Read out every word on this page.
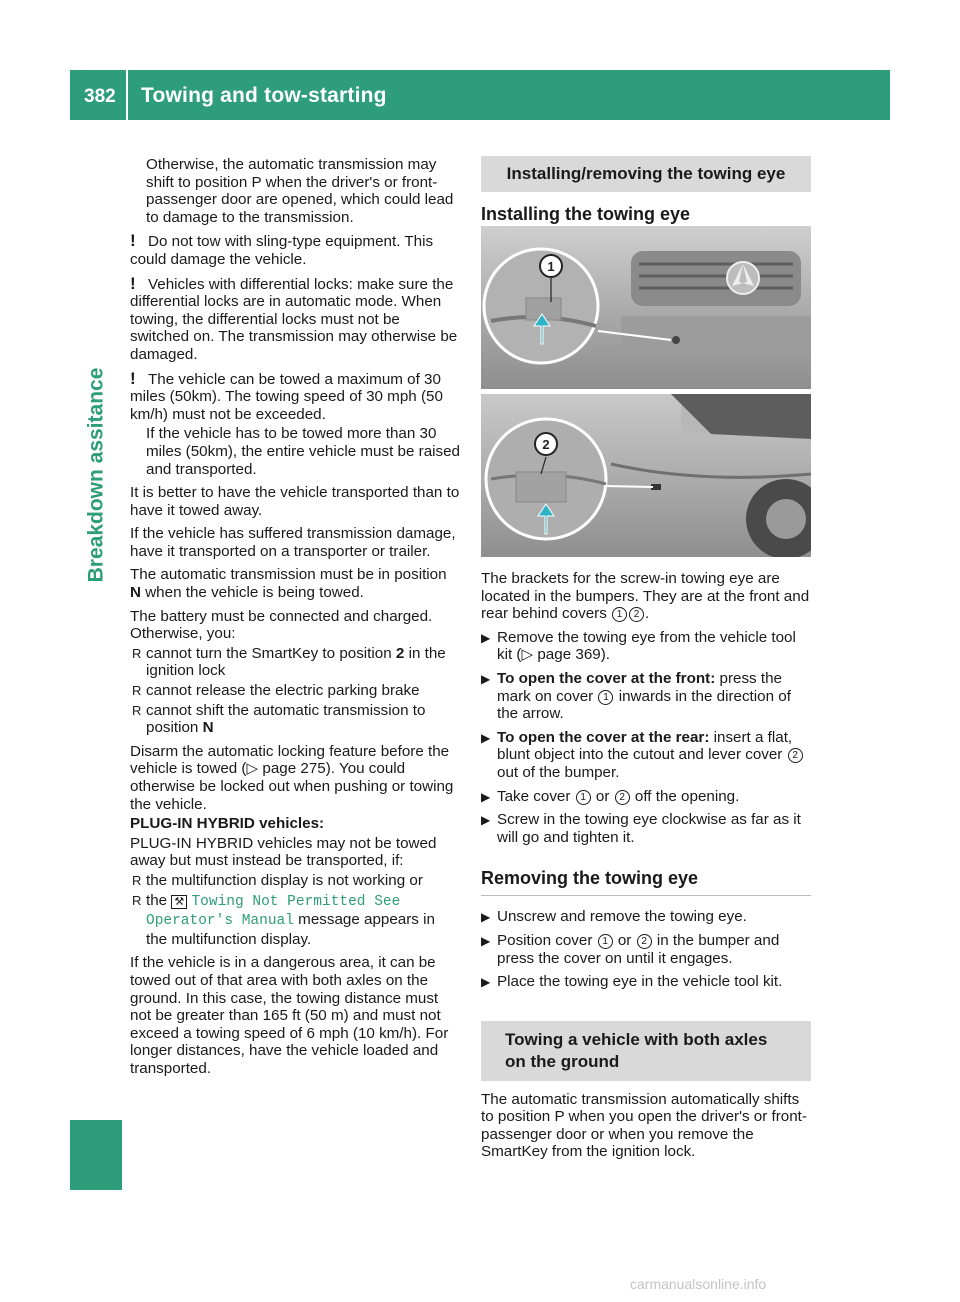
382 Towing and tow-starting
Breakdown assitance

Otherwise, the automatic transmission may shift to position P when the driver's or front-passenger door are opened, which could lead to damage to the transmission.

! Do not tow with sling-type equipment. This could damage the vehicle.

! Vehicles with differential locks: make sure the differential locks are in automatic mode. When towing, the differential locks must not be switched on. The transmission may otherwise be damaged.

! The vehicle can be towed a maximum of 30 miles (50km). The towing speed of 30 mph (50 km/h) must not be exceeded.

If the vehicle has to be towed more than 30 miles (50km), the entire vehicle must be raised and transported.

It is better to have the vehicle transported than to have it towed away.

If the vehicle has suffered transmission damage, have it transported on a transporter or trailer.

The automatic transmission must be in position N when the vehicle is being towed.

The battery must be connected and charged. Otherwise, you:

R cannot turn the SmartKey to position 2 in the ignition lock

R cannot release the electric parking brake

R cannot shift the automatic transmission to position N

Disarm the automatic locking feature before the vehicle is towed (▷ page 275). You could otherwise be locked out when pushing or towing the vehicle.

PLUG-IN HYBRID vehicles:

PLUG-IN HYBRID vehicles may not be towed away but must instead be transported, if:

R the multifunction display is not working or

R the ⚒ Towing Not Permitted See Operator's Manual message appears in the multifunction display.

If the vehicle is in a dangerous area, it can be towed out of that area with both axles on the ground. In this case, the towing distance must not be greater than 165 ft (50 m) and must not exceed a towing speed of 6 mph (10 km/h). For longer distances, have the vehicle loaded and transported.

Installing/removing the towing eye
Installing the towing eye
1
2

The brackets for the screw-in towing eye are located in the bumpers. They are at the front and rear behind covers 1 2 .

▶ Remove the towing eye from the vehicle tool kit (▷ page 369).

▶ To open the cover at the front: press the mark on cover 1 inwards in the direction of the arrow.

▶ To open the cover at the rear: insert a flat, blunt object into the cutout and lever cover 2 out of the bumper.

▶ Take cover 1 or 2 off the opening.

▶ Screw in the towing eye clockwise as far as it will go and tighten it.

Removing the towing eye

▶ Unscrew and remove the towing eye.

▶ Position cover 1 or 2 in the bumper and press the cover on until it engages.

▶ Place the towing eye in the vehicle tool kit.

Towing a vehicle with both axles on the ground

The automatic transmission automatically shifts to position P when you open the driver's or front-passenger door or when you remove the SmartKey from the ignition lock.

carmanualsonline.info
